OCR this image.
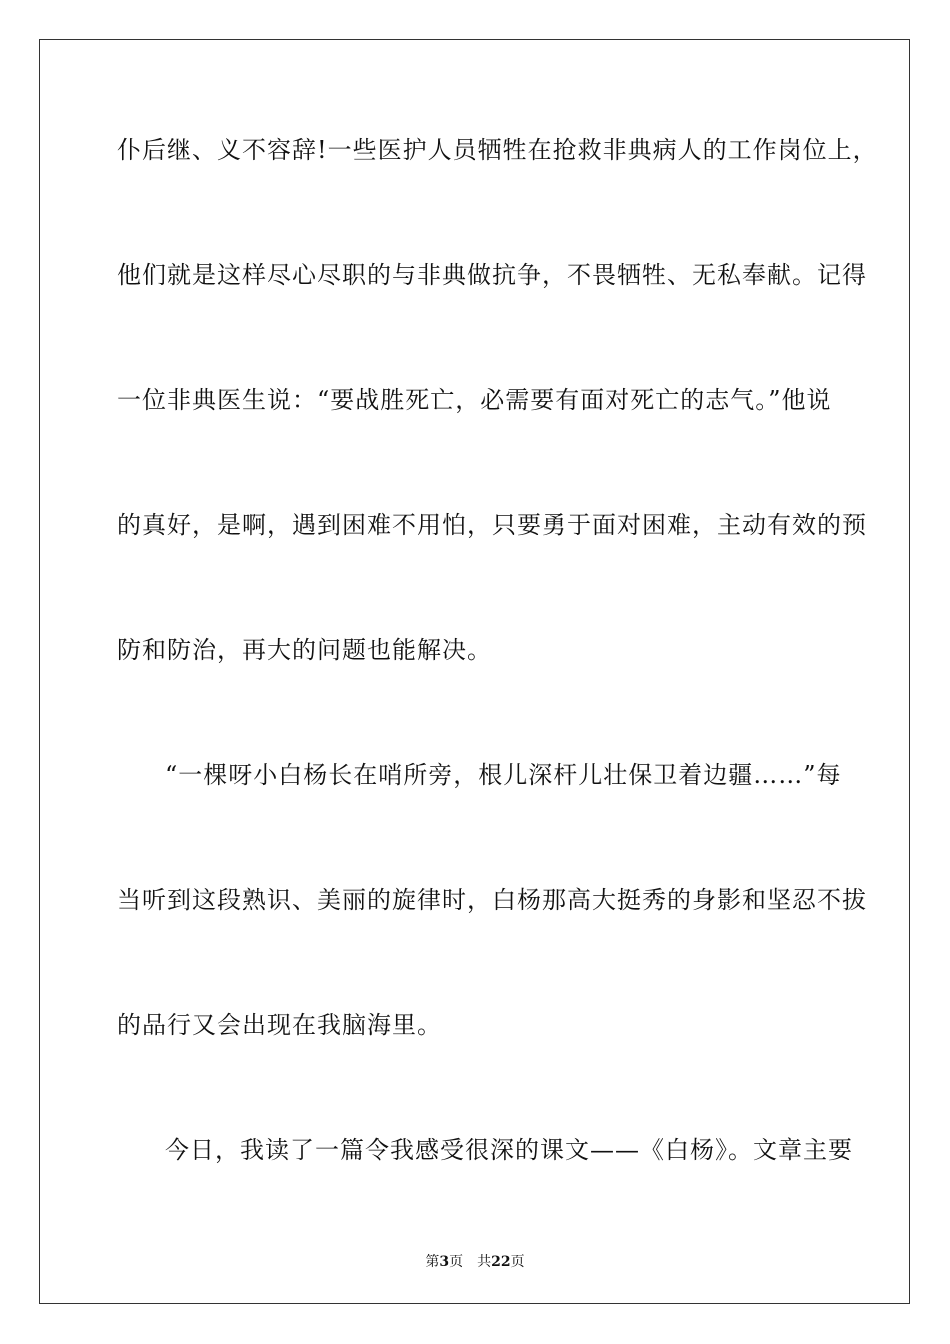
仆后继、义不容辞!一些医护人员牺牲在抢救非典病人的工作岗位上，
他们就是这样尽心尽职的与非典做抗争，不畏牺牲、无私奉献。记得
一位非典医生说：“要战胜死亡，必需要有面对死亡的志气。”他说
的真好，是啊，遇到困难不用怕，只要勇于面对困难，主动有效的预
防和防治，再大的问题也能解决。
“一棵呀小白杨长在哨所旁，根儿深杆儿壮保卫着边疆……”每
当听到这段熟识、美丽的旋律时，白杨那高大挺秀的身影和坚忍不拔
的品行又会出现在我脑海里。
今日，我读了一篇令我感受很深的课文——《白杨》。文章主要
第3页 共22页
